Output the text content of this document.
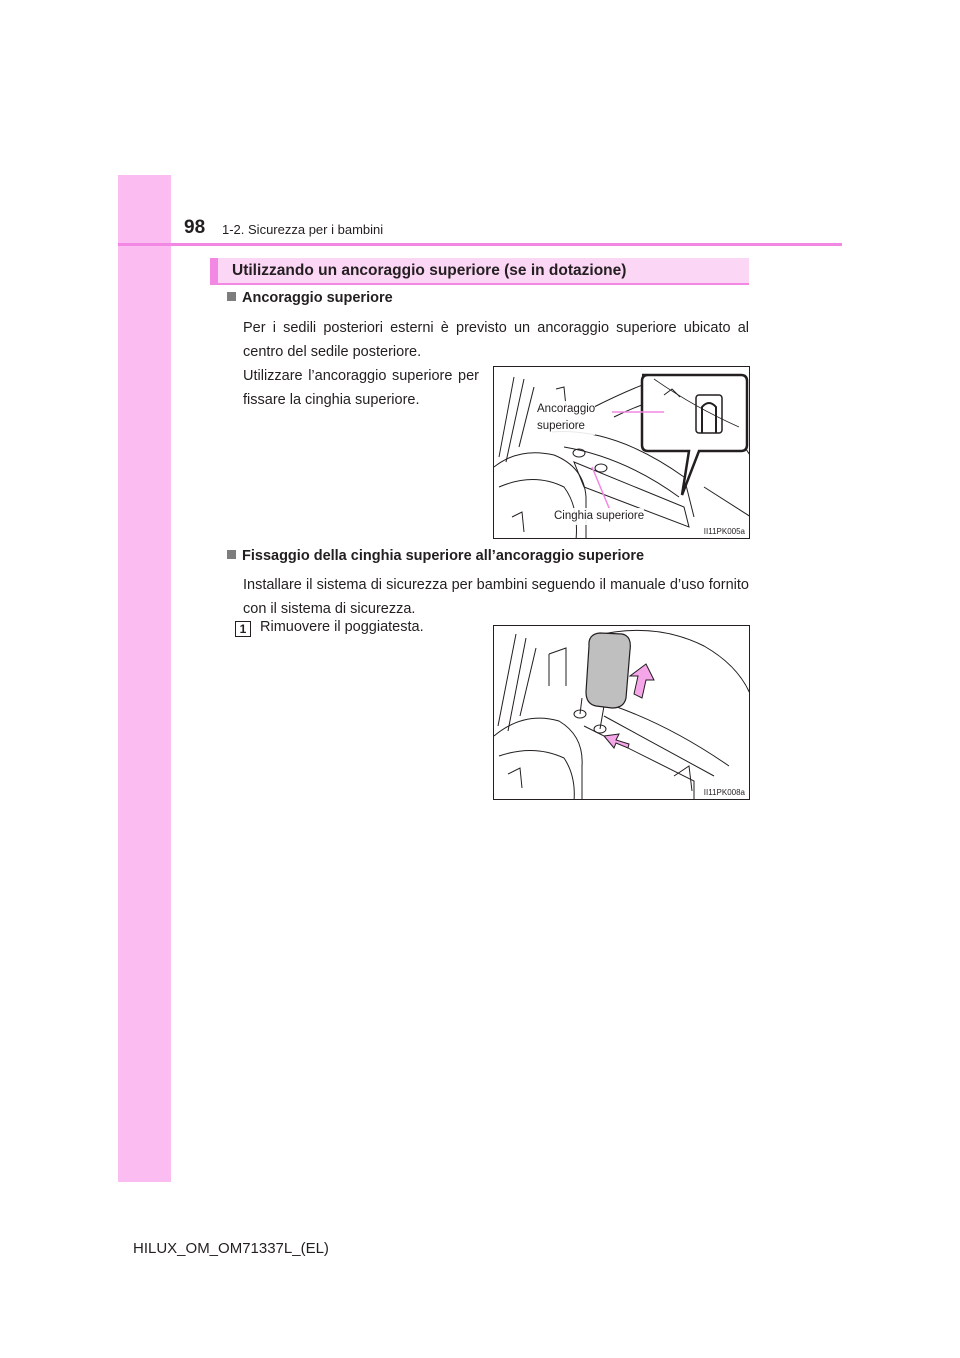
98 1-2. Sicurezza per i bambini
Utilizzando un ancoraggio superiore (se in dotazione)
Ancoraggio superiore
Per i sedili posteriori esterni è previsto un ancoraggio superiore ubicato al centro del sedile posteriore.
Utilizzare l’ancoraggio superiore per fissare la cinghia superiore.
Ancoraggio
superiore
Cinghia superiore
II11PK005a
Fissaggio della cinghia superiore all’ancoraggio superiore
Installare il sistema di sicurezza per bambini seguendo il manuale d’uso fornito con il sistema di sicurezza.
1 Rimuovere il poggiatesta.
II11PK008a
HILUX_OM_OM71337L_(EL)
